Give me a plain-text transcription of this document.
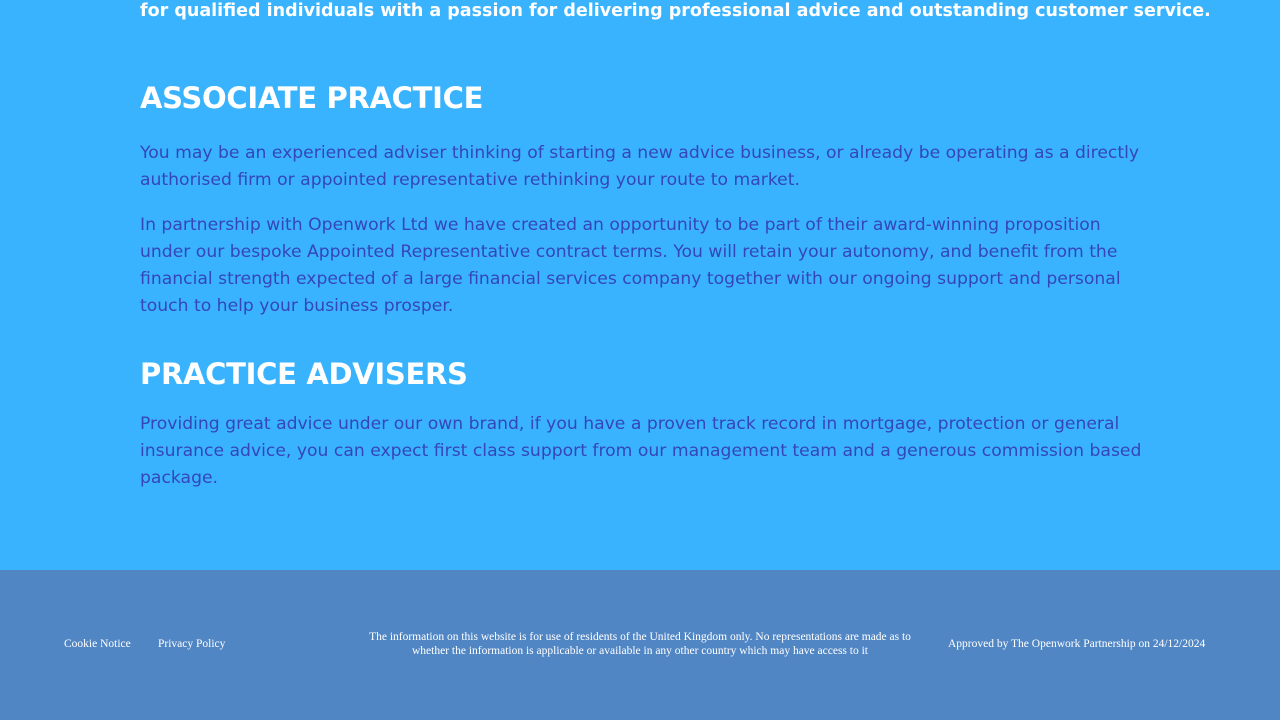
for qualified individuals with a passion for delivering professional advice and outstanding customer service.

ASSOCIATE PRACTICE

You may be an experienced adviser thinking of starting a new advice business, or already be operating as a directly authorised firm or appointed representative rethinking your route to market.

In partnership with Openwork Ltd we have created an opportunity to be part of their award-winning proposition under our bespoke Appointed Representative contract terms. You will retain your autonomy, and benefit from the financial strength expected of a large financial services company together with our ongoing support and personal touch to help your business prosper.

PRACTICE ADVISERS

Providing great advice under our own brand, if you have a proven track record in mortgage, protection or general insurance advice, you can expect first class support from our management team and a generous commission based package.

Cookie Notice Privacy Policy

The information on this website is for use of residents of the United Kingdom only. No representations are made as to whether the information is applicable or available in any other country which may have access to it

Approved by The Openwork Partnership on 24/12/2024
